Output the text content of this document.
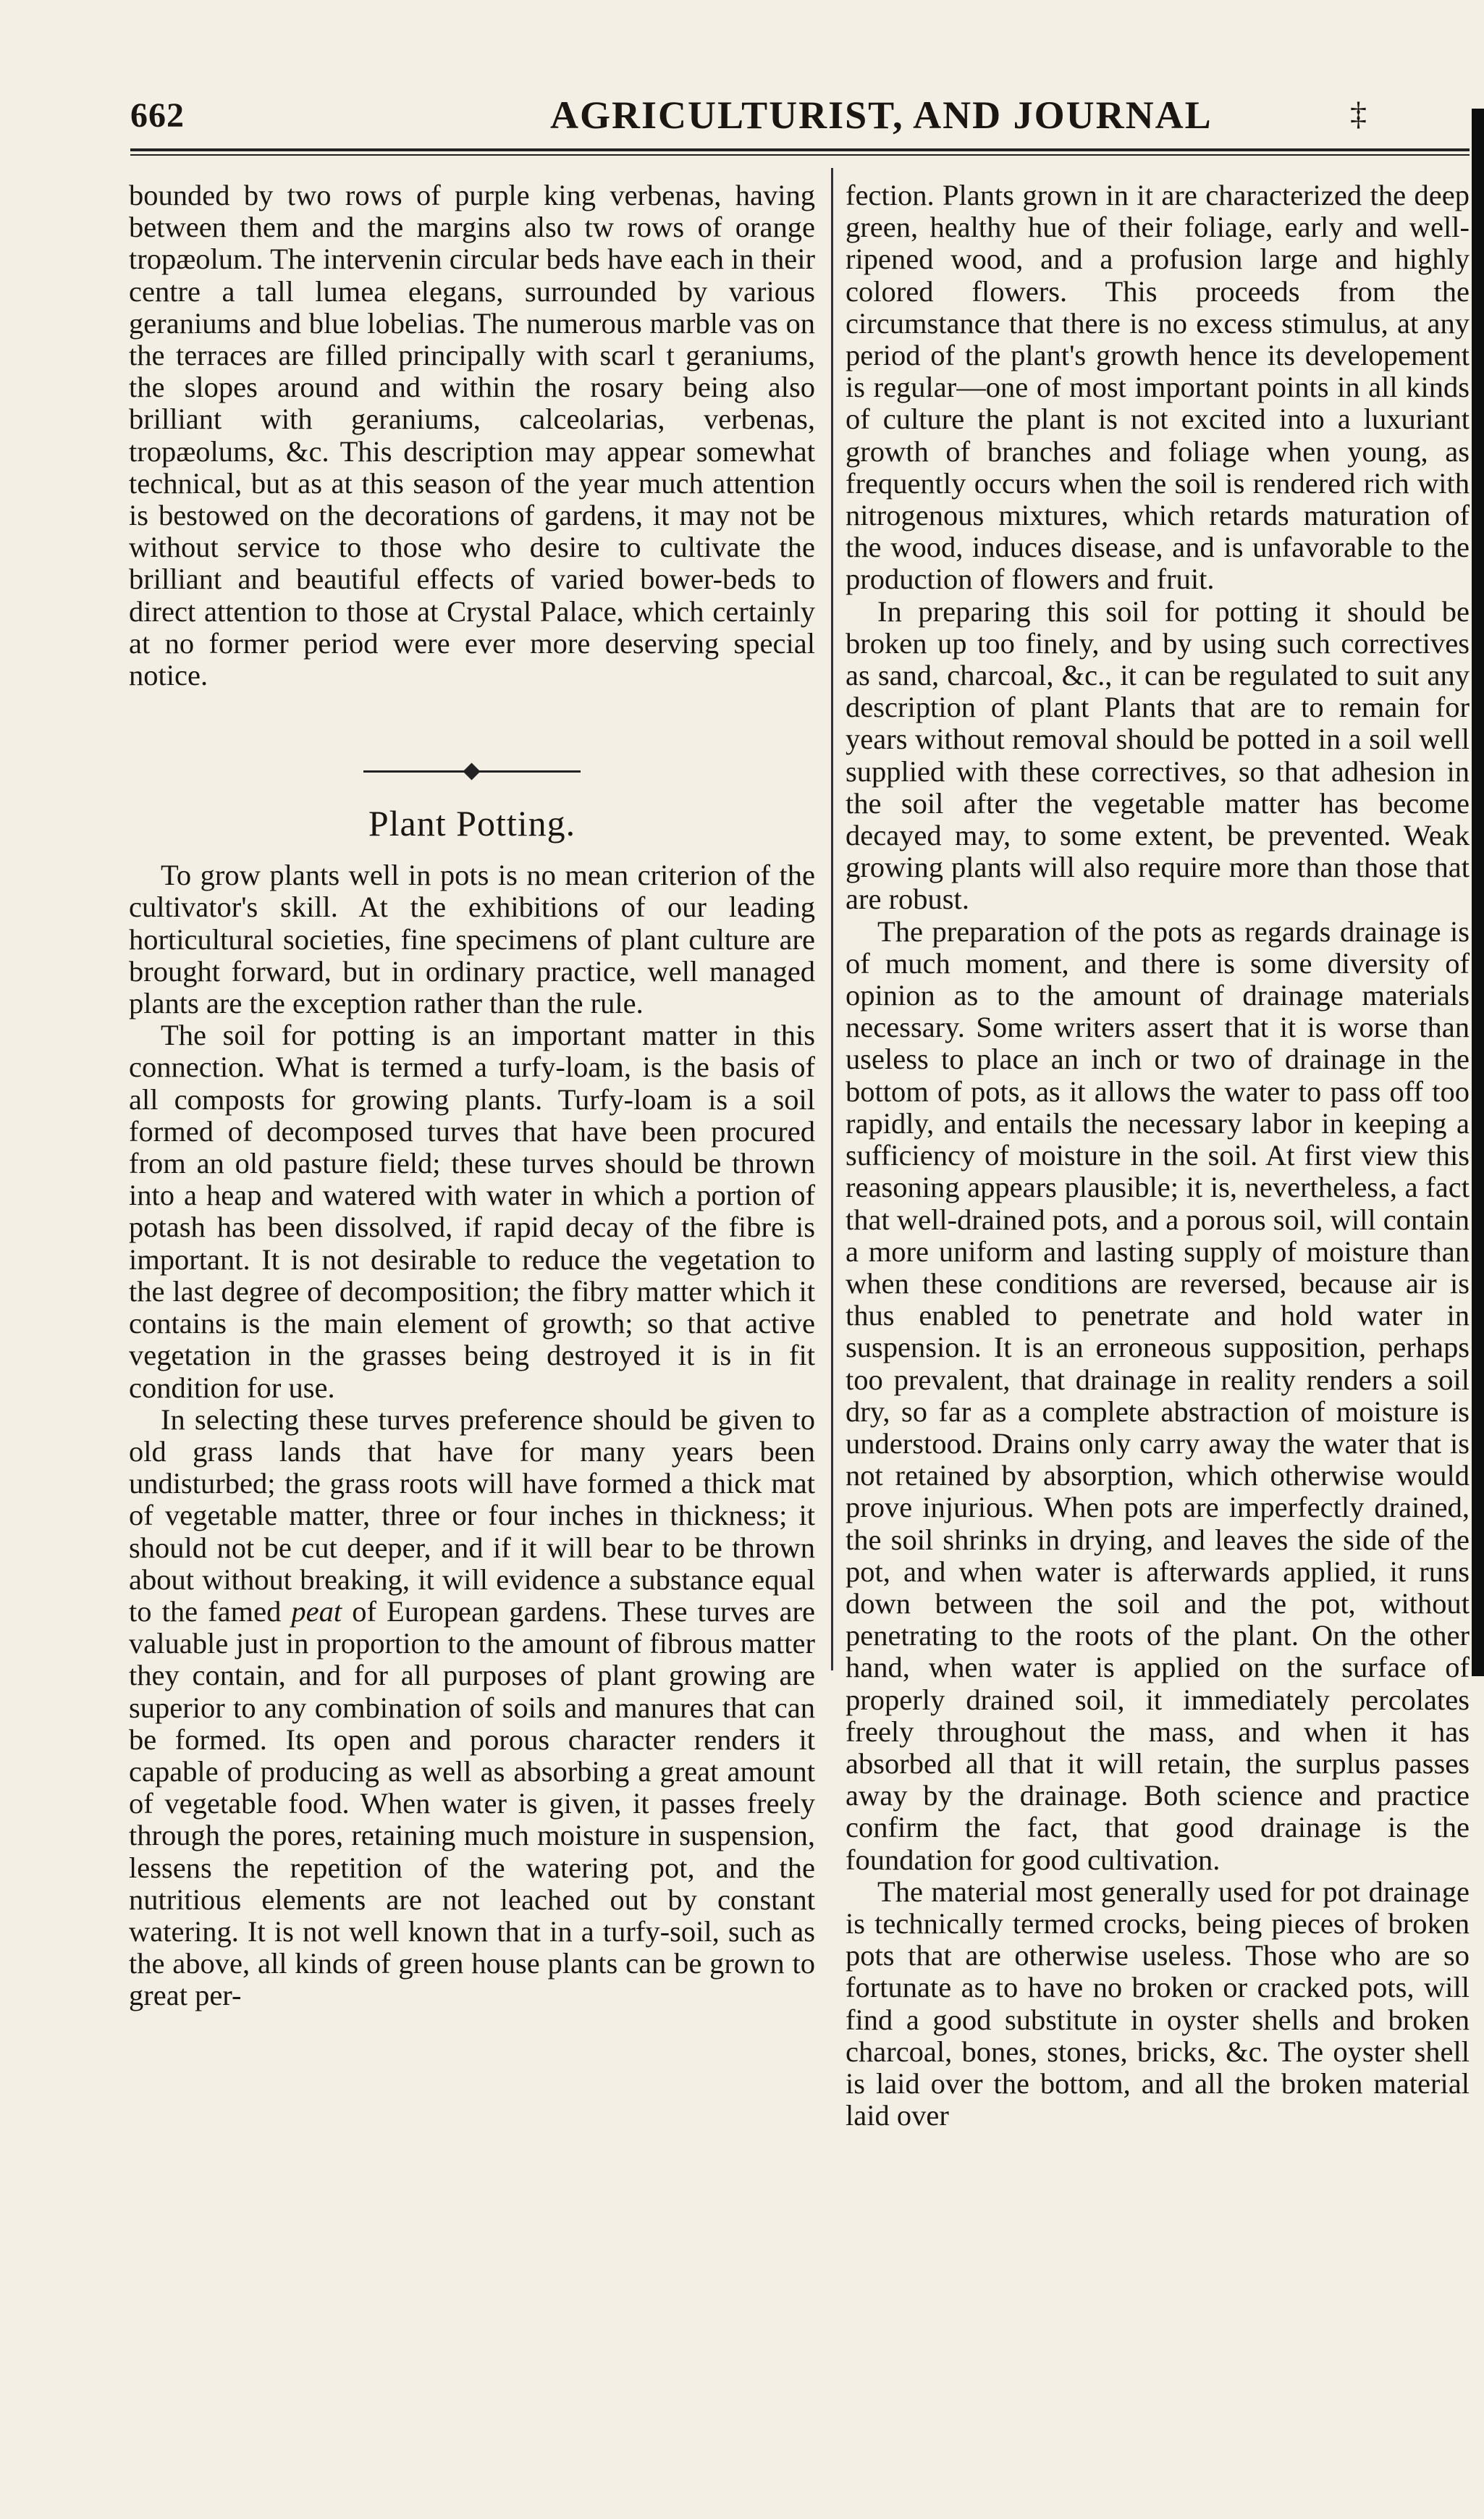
662	AGRICULTURIST, AND JOURNAL	‡

bounded by two rows of purple king verbenas, having between them and the margins also tw rows of orange tropæolum. The intervenin circular beds have each in their centre a tall lumea elegans, surrounded by various geraniums and blue lobelias. The numerous marble vas on the terraces are filled principally with scarl t geraniums, the slopes around and within the rosary being also brilliant with geraniums, calceolarias, verbenas, tropæolums, &c. This description may appear somewhat technical, but as at this season of the year much attention is bestowed on the decorations of gardens, it may not be without service to those who desire to cultivate the brilliant and beautiful effects of varied bower-beds to direct attention to those at Crystal Palace, which certainly at no former period were ever more deserving special notice.

Plant Potting.

To grow plants well in pots is no mean criterion of the cultivator's skill. At the exhibitions of our leading horticultural societies, fine specimens of plant culture are brought forward, but in ordinary practice, well managed plants are the exception rather than the rule.

The soil for potting is an important matter in this connection. What is termed a turfy-loam, is the basis of all composts for growing plants. Turfy-loam is a soil formed of decomposed turves that have been procured from an old pasture field; these turves should be thrown into a heap and watered with water in which a portion of potash has been dissolved, if rapid decay of the fibre is important. It is not desirable to reduce the vegetation to the last degree of decomposition; the fibry matter which it contains is the main element of growth; so that active vegetation in the grasses being destroyed it is in fit condition for use.

In selecting these turves preference should be given to old grass lands that have for many years been undisturbed; the grass roots will have formed a thick mat of vegetable matter, three or four inches in thickness; it should not be cut deeper, and if it will bear to be thrown about without breaking, it will evidence a substance equal to the famed peat of European gardens. These turves are valuable just in proportion to the amount of fibrous matter they contain, and for all purposes of plant growing are superior to any combination of soils and manures that can be formed. Its open and porous character renders it capable of producing as well as absorbing a great amount of vegetable food. When water is given, it passes freely through the pores, retaining much moisture in suspension, lessens the repetition of the watering pot, and the nutritious elements are not leached out by constant watering. It is not well known that in a turfy-soil, such as the above, all kinds of green house plants can be grown to great per-

fection. Plants grown in it are characterized the deep green, healthy hue of their foliage, early and well-ripened wood, and a profusion large and highly colored flowers. This proceeds from the circumstance that there is no excess stimulus, at any period of the plant's growth hence its developement is regular—one of most important points in all kinds of culture the plant is not excited into a luxuriant growth of branches and foliage when young, as frequently occurs when the soil is rendered rich with nitrogenous mixtures, which retards maturation of the wood, induces disease, and is unfavorable to the production of flowers and fruit.

In preparing this soil for potting it should be broken up too finely, and by using such correctives as sand, charcoal, &c., it can be regulated to suit any description of plant Plants that are to remain for years without removal should be potted in a soil well supplied with these correctives, so that adhesion in the soil after the vegetable matter has become decayed may, to some extent, be prevented. Weak growing plants will also require more than those that are robust.

The preparation of the pots as regards drainage is of much moment, and there is some diversity of opinion as to the amount of drainage materials necessary. Some writers assert that it is worse than useless to place an inch or two of drainage in the bottom of pots, as it allows the water to pass off too rapidly, and entails the necessary labor in keeping a sufficiency of moisture in the soil. At first view this reasoning appears plausible; it is, nevertheless, a fact that well-drained pots, and a porous soil, will contain a more uniform and lasting supply of moisture than when these conditions are reversed, because air is thus enabled to penetrate and hold water in suspension. It is an erroneous supposition, perhaps too prevalent, that drainage in reality renders a soil dry, so far as a complete abstraction of moisture is understood. Drains only carry away the water that is not retained by absorption, which otherwise would prove injurious. When pots are imperfectly drained, the soil shrinks in drying, and leaves the side of the pot, and when water is afterwards applied, it runs down between the soil and the pot, without penetrating to the roots of the plant. On the other hand, when water is applied on the surface of properly drained soil, it immediately percolates freely throughout the mass, and when it has absorbed all that it will retain, the surplus passes away by the drainage. Both science and practice confirm the fact, that good drainage is the foundation for good cultivation.

The material most generally used for pot drainage is technically termed crocks, being pieces of broken pots that are otherwise useless. Those who are so fortunate as to have no broken or cracked pots, will find a good substitute in oyster shells and broken charcoal, bones, stones, bricks, &c. The oyster shell is laid over the bottom, and all the broken material laid over
